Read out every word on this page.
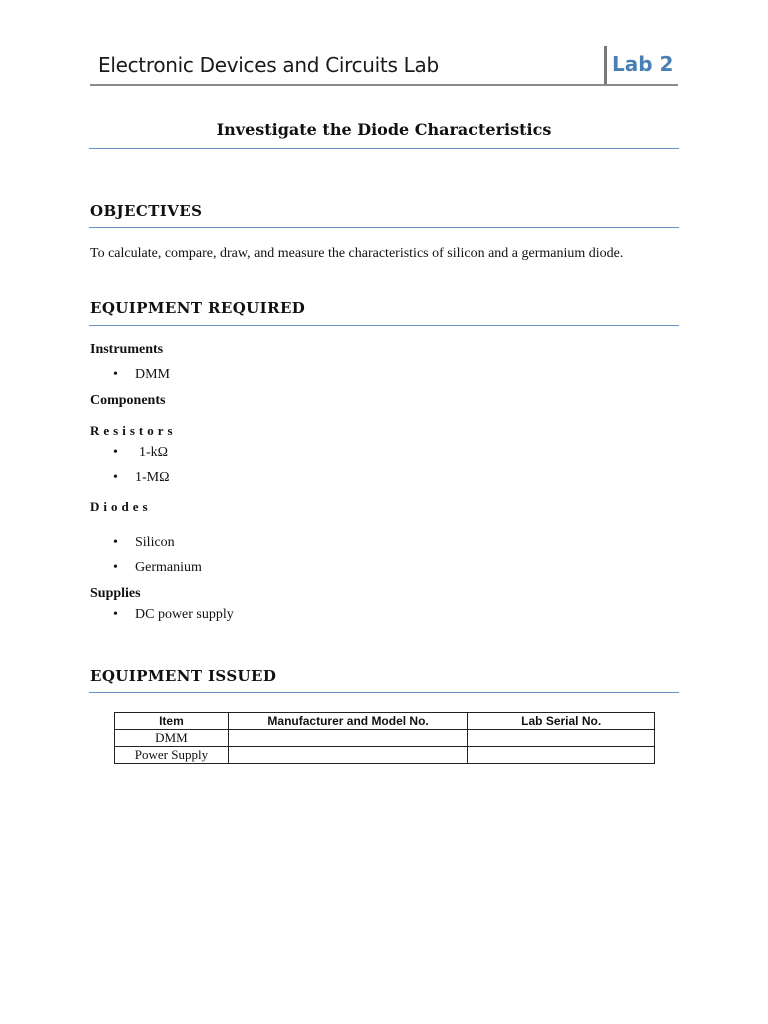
Electronic Devices and Circuits Lab	Lab 2
Investigate the Diode Characteristics
OBJECTIVES
To calculate, compare, draw, and measure the characteristics of silicon and a germanium diode.
EQUIPMENT REQUIRED
Instruments
• DMM
Components
Resistors
• 1-kΩ
• 1-MΩ
Diodes
• Silicon
• Germanium
Supplies
• DC power supply
EQUIPMENT ISSUED
Item	Manufacturer and Model No.	Lab Serial No.
DMM		
Power Supply		
